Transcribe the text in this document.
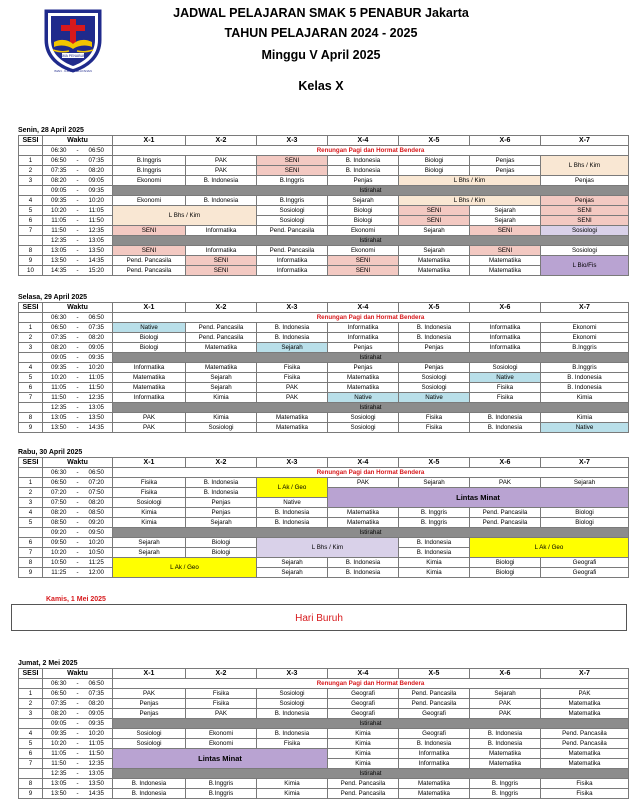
SMA PENABUR
IMAN · ILMU · PELAYANAN
JADWAL PELAJARAN SMAK 5 PENABUR Jakarta
TAHUN PELAJARAN 2024 - 2025
Minggu V April 2025
Kelas X
Senin, 28 April 2025
SESI	Waktu			X-1	X-2	X-3	X-4	X-5	X-6	X-7
	06:30	-	06:50	Renungan Pagi dan Hormat Bendera						
1	06:50	-	07:35	B.Inggris	PAK	SENI	B. Indonesia	Biologi	Penjas	L Bhs / Kim
2	07:35	-	08:20	B.Inggris	PAK	SENI	B. Indonesia	Biologi	Penjas	
3	08:20	-	09:05	Ekonomi	B. Indonesia	B.Inggris	Penjas	L Bhs / Kim		Penjas
	09:05	-	09:35	Istirahat						
4	09:35	-	10:20	Ekonomi	B. Indonesia	B.Inggris	Sejarah	L Bhs / Kim		Penjas
5	10:20	-	11:05	L Bhs / Kim		Sosiologi	Biologi	SENI	Sejarah	SENI
6	11:05	-	11:50			Sosiologi	Biologi	SENI	Sejarah	SENI
7	11:50	-	12:35	SENI	Informatika	Pend. Pancasila	Ekonomi	Sejarah	SENI	Sosiologi
	12:35	-	13:05	Istirahat						
8	13:05	-	13:50	SENI	Informatika	Pend. Pancasila	Ekonomi	Sejarah	SENI	Sosiologi
9	13:50	-	14:35	Pend. Pancasila	SENI	Informatika	SENI	Matematika	Matematika	L Bio/Fis
10	14:35	-	15:20	Pend. Pancasila	SENI	Informatika	SENI	Matematika	Matematika	
Selasa, 29 April 2025
SESI	Waktu			X-1	X-2	X-3	X-4	X-5	X-6	X-7
	06:30	-	06:50	Renungan Pagi dan Hormat Bendera						
1	06:50	-	07:35	Native	Pend. Pancasila	B. Indonesia	Informatika	B. Indonesia	Informatika	Ekonomi
2	07:35	-	08:20	Biologi	Pend. Pancasila	B. Indonesia	Informatika	B. Indonesia	Informatika	Ekonomi
3	08:20	-	09:05	Biologi	Matematika	Sejarah	Penjas	Penjas	Informatika	B.Inggris
	09:05	-	09:35	Istirahat						
4	09:35	-	10:20	Informatika	Matematika	Fisika	Penjas	Penjas	Sosiologi	B.Inggris
5	10:20	-	11:05	Matematika	Sejarah	Fisika	Matematika	Sosiologi	Native	B. Indonesia
6	11:05	-	11:50	Matematika	Sejarah	PAK	Matematika	Sosiologi	Fisika	B. Indonesia
7	11:50	-	12:35	Informatika	Kimia	PAK	Native	Native	Fisika	Kimia
	12:35	-	13:05	Istirahat						
8	13:05	-	13:50	PAK	Kimia	Matematika	Sosiologi	Fisika	B. Indonesia	Kimia
9	13:50	-	14:35	PAK	Sosiologi	Matematika	Sosiologi	Fisika	B. Indonesia	Native
Rabu, 30 April 2025
SESI	Waktu			X-1	X-2	X-3	X-4	X-5	X-6	X-7
	06:30	-	06:50	Renungan Pagi dan Hormat Bendera						
1	06:50	-	07:20	Fisika	B. Indonesia	L Ak / Geo	PAK	Sejarah	PAK	Sejarah
2	07:20	-	07:50	Fisika	B. Indonesia		Lintas Minat			
3	07:50	-	08:20	Sosiologi	Penjas	Native				
4	08:20	-	08:50	Kimia	Penjas	B. Indonesia	Matematika	B. Inggris	Pend. Pancasila	Biologi
5	08:50	-	09:20	Kimia	Sejarah	B. Indonesia	Matematika	B. Inggris	Pend. Pancasila	Biologi
	09:20	-	09:50	Istirahat						
6	09:50	-	10:20	Sejarah	Biologi	L Bhs / Kim		B. Indonesia	L Ak / Geo	
7	10:20	-	10:50	Sejarah	Biologi			B. Indonesia		
8	10:50	-	11:25	L Ak / Geo		Sejarah	B. Indonesia	Kimia	Biologi	Geografi
9	11:25	-	12:00			Sejarah	B. Indonesia	Kimia	Biologi	Geografi
Kamis, 1 Mei 2025
Hari Buruh
Jumat, 2 Mei 2025
SESI	Waktu			X-1	X-2	X-3	X-4	X-5	X-6	X-7
	06:30	-	06:50	Renungan Pagi dan Hormat Bendera						
1	06:50	-	07:35	PAK	Fisika	Sosiologi	Geografi	Pend. Pancasila	Sejarah	PAK
2	07:35	-	08:20	Penjas	Fisika	Sosiologi	Geografi	Pend. Pancasila	PAK	Matematika
3	08:20	-	09:05	Penjas	PAK	B. Indonesia	Geografi	Geografi	PAK	Matematika
	09:05	-	09:35	Istirahat						
4	09:35	-	10:20	Sosiologi	Ekonomi	B. Indonesia	Kimia	Geografi	B. Indonesia	Pend. Pancasila
5	10:20	-	11:05	Sosiologi	Ekonomi	Fisika	Kimia	B. Indonesia	B. Indonesia	Pend. Pancasila
6	11:05	-	11:50	Lintas Minat			Kimia	Informatika	Matematika	Matematika
7	11:50	-	12:35				Kimia	Informatika	Matematika	Matematika
	12:35	-	13:05	Istirahat						
8	13:05	-	13:50	B. Indonesia	B.Inggris	Kimia	Pend. Pancasila	Matematika	B. Inggris	Fisika
9	13:50	-	14:35	B. Indonesia	B.Inggris	Kimia	Pend. Pancasila	Matematika	B. Inggris	Fisika
